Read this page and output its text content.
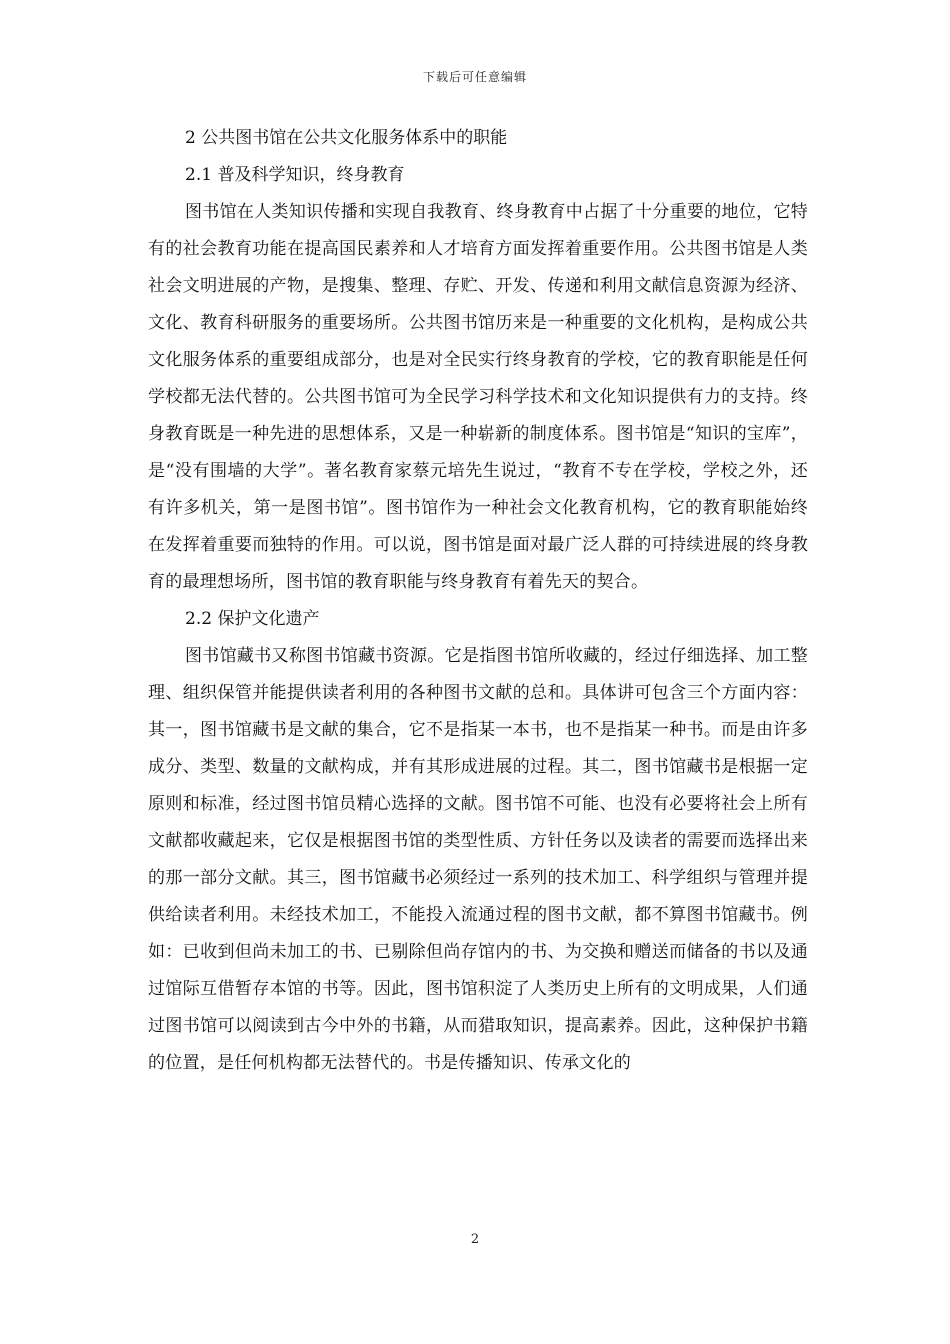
下载后可任意编辑
2 公共图书馆在公共文化服务体系中的职能
2.1 普及科学知识，终身教育

图书馆在人类知识传播和实现自我教育、终身教育中占据了十分重要的地位，它特有的社会教育功能在提高国民素养和人才培育方面发挥着重要作用。公共图书馆是人类社会文明进展的产物，是搜集、整理、存贮、开发、传递和利用文献信息资源为经济、文化、教育科研服务的重要场所。公共图书馆历来是一种重要的文化机构，是构成公共文化服务体系的重要组成部分，也是对全民实行终身教育的学校，它的教育职能是任何学校都无法代替的。公共图书馆可为全民学习科学技术和文化知识提供有力的支持。终身教育既是一种先进的思想体系，又是一种崭新的制度体系。图书馆是“知识的宝库”，是“没有围墙的大学”。著名教育家蔡元培先生说过，“教育不专在学校，学校之外，还有许多机关，第一是图书馆”。图书馆作为一种社会文化教育机构，它的教育职能始终在发挥着重要而独特的作用。可以说，图书馆是面对最广泛人群的可持续进展的终身教育的最理想场所，图书馆的教育职能与终身教育有着先天的契合。

2.2 保护文化遗产

图书馆藏书又称图书馆藏书资源。它是指图书馆所收藏的，经过仔细选择、加工整理、组织保管并能提供读者利用的各种图书文献的总和。具体讲可包含三个方面内容：其一，图书馆藏书是文献的集合，它不是指某一本书，也不是指某一种书。而是由许多成分、类型、数量的文献构成，并有其形成进展的过程。其二，图书馆藏书是根据一定原则和标准，经过图书馆员精心选择的文献。图书馆不可能、也没有必要将社会上所有文献都收藏起来，它仅是根据图书馆的类型性质、方针任务以及读者的需要而选择出来的那一部分文献。其三，图书馆藏书必须经过一系列的技术加工、科学组织与管理并提供给读者利用。未经技术加工，不能投入流通过程的图书文献，都不算图书馆藏书。例如：已收到但尚未加工的书、已剔除但尚存馆内的书、为交换和赠送而储备的书以及通过馆际互借暂存本馆的书等。因此，图书馆积淀了人类历史上所有的文明成果，人们通过图书馆可以阅读到古今中外的书籍，从而猎取知识，提高素养。因此，这种保护书籍的位置，是任何机构都无法替代的。书是传播知识、传承文化的

2
